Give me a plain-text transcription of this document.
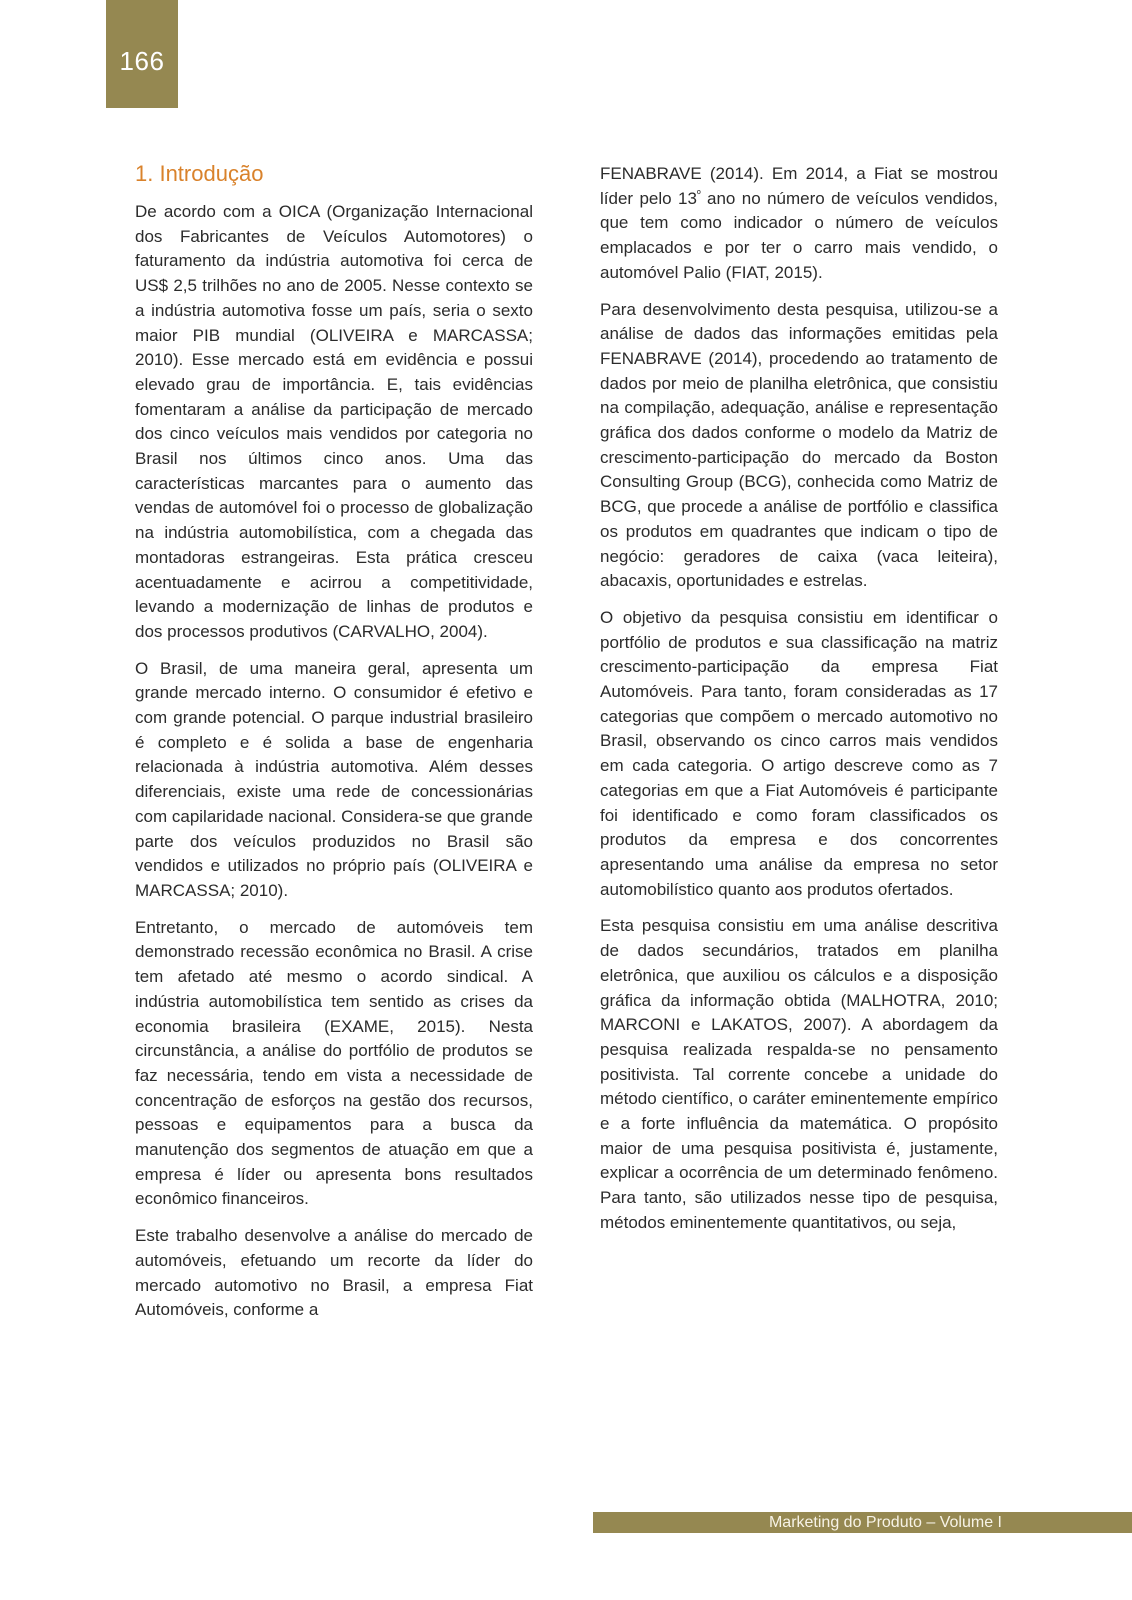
166
1. Introdução

De acordo com a OICA (Organização Internacional dos Fabricantes de Veículos Automotores) o faturamento da indústria automotiva foi cerca de US$ 2,5 trilhões no ano de 2005. Nesse contexto se a indústria automotiva fosse um país, seria o sexto maior PIB mundial (OLIVEIRA e MARCASSA; 2010). Esse mercado está em evidência e possui elevado grau de importância. E, tais evidências fomentaram a análise da participação de mercado dos cinco veículos mais vendidos por categoria no Brasil nos últimos cinco anos. Uma das características marcantes para o aumento das vendas de automóvel foi o processo de globalização na indústria automobilística, com a chegada das montadoras estrangeiras. Esta prática cresceu acentuadamente e acirrou a competitividade, levando a modernização de linhas de produtos e dos processos produtivos (CARVALHO, 2004).

O Brasil, de uma maneira geral, apresenta um grande mercado interno. O consumidor é efetivo e com grande potencial. O parque industrial brasileiro é completo e é solida a base de engenharia relacionada à indústria automotiva. Além desses diferenciais, existe uma rede de concessionárias com capilaridade nacional. Considera-se que grande parte dos veículos produzidos no Brasil são vendidos e utilizados no próprio país (OLIVEIRA e MARCASSA; 2010).

Entretanto, o mercado de automóveis tem demonstrado recessão econômica no Brasil. A crise tem afetado até mesmo o acordo sindical. A indústria automobilística tem sentido as crises da economia brasileira (EXAME, 2015). Nesta circunstância, a análise do portfólio de produtos se faz necessária, tendo em vista a necessidade de concentração de esforços na gestão dos recursos, pessoas e equipamentos para a busca da manutenção dos segmentos de atuação em que a empresa é líder ou apresenta bons resultados econômico financeiros.

Este trabalho desenvolve a análise do mercado de automóveis, efetuando um recorte da líder do mercado automotivo no Brasil, a empresa Fiat Automóveis, conforme a

FENABRAVE (2014). Em 2014, a Fiat se mostrou líder pelo $13^º$ ano no número de veículos vendidos, que tem como indicador o número de veículos emplacados e por ter o carro mais vendido, o automóvel Palio (FIAT, 2015).

Para desenvolvimento desta pesquisa, utilizou-se a análise de dados das informações emitidas pela FENABRAVE (2014), procedendo ao tratamento de dados por meio de planilha eletrônica, que consistiu na compilação, adequação, análise e representação gráfica dos dados conforme o modelo da Matriz de crescimento-participação do mercado da Boston Consulting Group (BCG), conhecida como Matriz de BCG, que procede a análise de portfólio e classifica os produtos em quadrantes que indicam o tipo de negócio: geradores de caixa (vaca leiteira), abacaxis, oportunidades e estrelas.

O objetivo da pesquisa consistiu em identificar o portfólio de produtos e sua classificação na matriz crescimento-participação da empresa Fiat Automóveis. Para tanto, foram consideradas as 17 categorias que compõem o mercado automotivo no Brasil, observando os cinco carros mais vendidos em cada categoria. O artigo descreve como as 7 categorias em que a Fiat Automóveis é participante foi identificado e como foram classificados os produtos da empresa e dos concorrentes apresentando uma análise da empresa no setor automobilístico quanto aos produtos ofertados.

Esta pesquisa consistiu em uma análise descritiva de dados secundários, tratados em planilha eletrônica, que auxiliou os cálculos e a disposição gráfica da informação obtida (MALHOTRA, 2010; MARCONI e LAKATOS, 2007). A abordagem da pesquisa realizada respalda-se no pensamento positivista. Tal corrente concebe a unidade do método científico, o caráter eminentemente empírico e a forte influência da matemática. O propósito maior de uma pesquisa positivista é, justamente, explicar a ocorrência de um determinado fenômeno. Para tanto, são utilizados nesse tipo de pesquisa, métodos eminentemente quantitativos, ou seja,

Marketing do Produto – Volume I
